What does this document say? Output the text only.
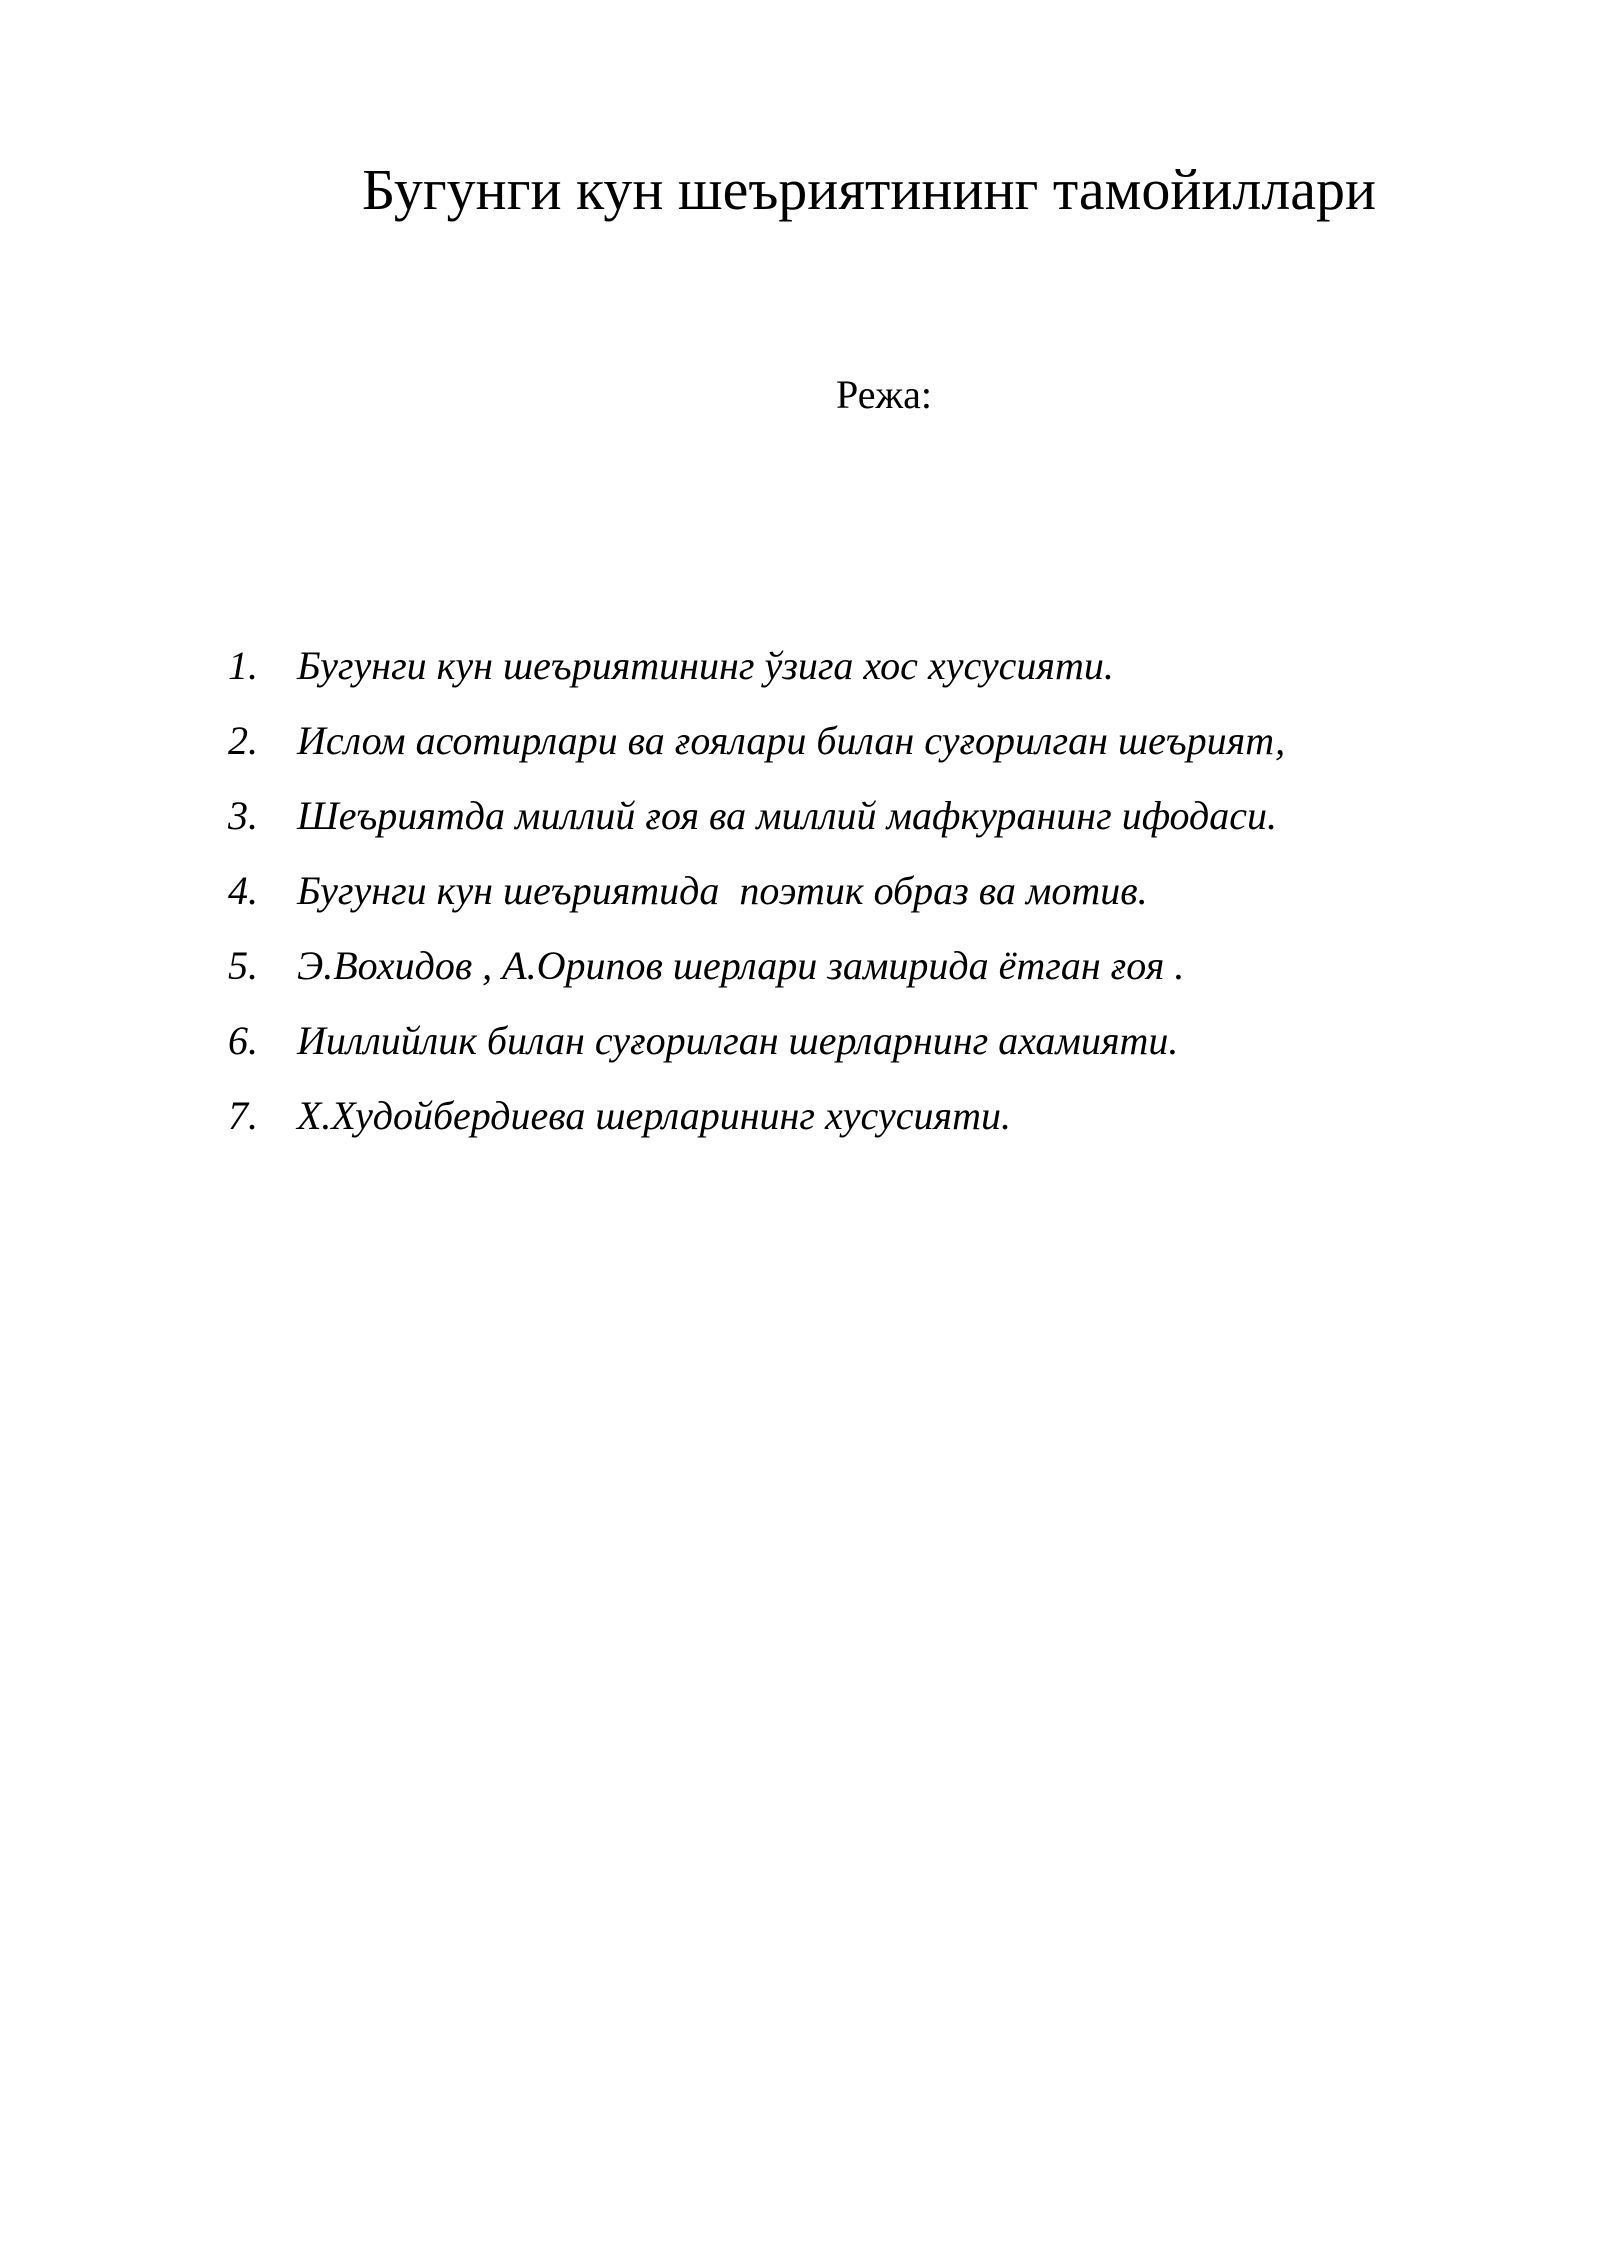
Бугунги кун шеъриятининг тамойиллари
Режа:
1. Бугунги кун шеъриятининг ўзига хос хусусияти.
2. Ислом асотирлари ва ғоялари билан суғорилган шеърият,
3. Шеъриятда миллий ғоя ва миллий мафкуранинг ифодаси.
4. Бугунги кун шеъриятида  поэтик образ ва мотив.
5. Э.Вохидов , А.Орипов шерлари замирида ётган ғоя .
6. Ииллийлик билан суғорилган шерларнинг ахамияти.
7. Х.Худойбердиева шерларининг хусусияти.
